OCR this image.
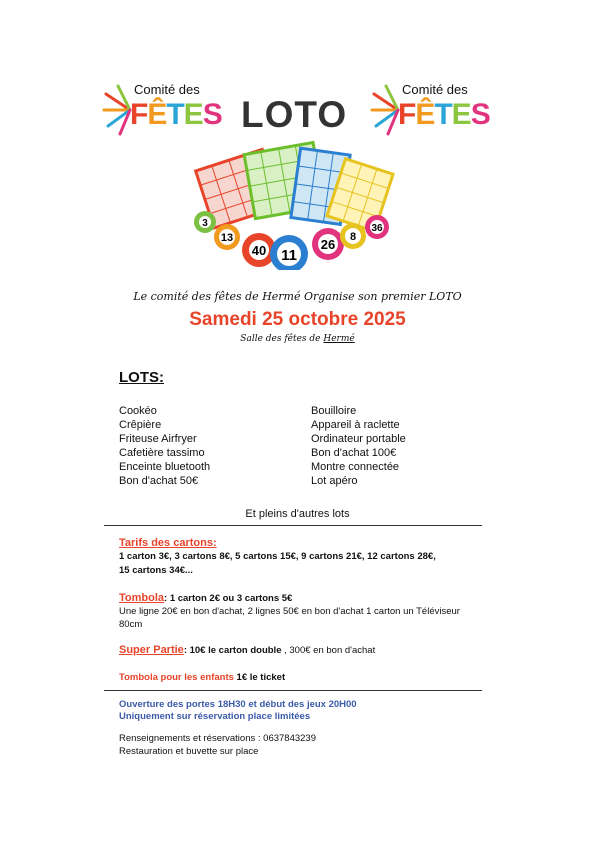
Comité des
FÊTES
Comité des
FÊTES
LOTO
3
13
40 11
26 8
36
Le comité des fêtes de Hermé Organise son premier LOTO
Samedi 25 octobre 2025
Salle des fêtes de Hermé
LOTS:
Cookéo
Crêpière
Friteuse Airfryer
Cafetière tassimo
Enceinte bluetooth
Bon d'achat 50€
Bouilloire
Appareil à raclette
Ordinateur portable
Bon d'achat 100€
Montre connectée
Lot apéro
Et pleins d'autres lots
Tarifs des cartons:
1 carton 3€, 3 cartons 8€, 5 cartons 15€, 9 cartons 21€, 12 cartons 28€,
15 cartons 34€...
Tombola: 1 carton 2€ ou 3 cartons 5€
Une ligne 20€ en bon d'achat, 2 lignes 50€ en bon d'achat 1 carton un Téléviseur
80cm
Super Partie: 10€ le carton double , 300€ en bon d'achat
Tombola pour les enfants 1€ le ticket
Ouverture des portes 18H30 et début des jeux 20H00
Uniquement sur réservation place limitées
Renseignements et réservations : 0637843239
Restauration et buvette sur place
